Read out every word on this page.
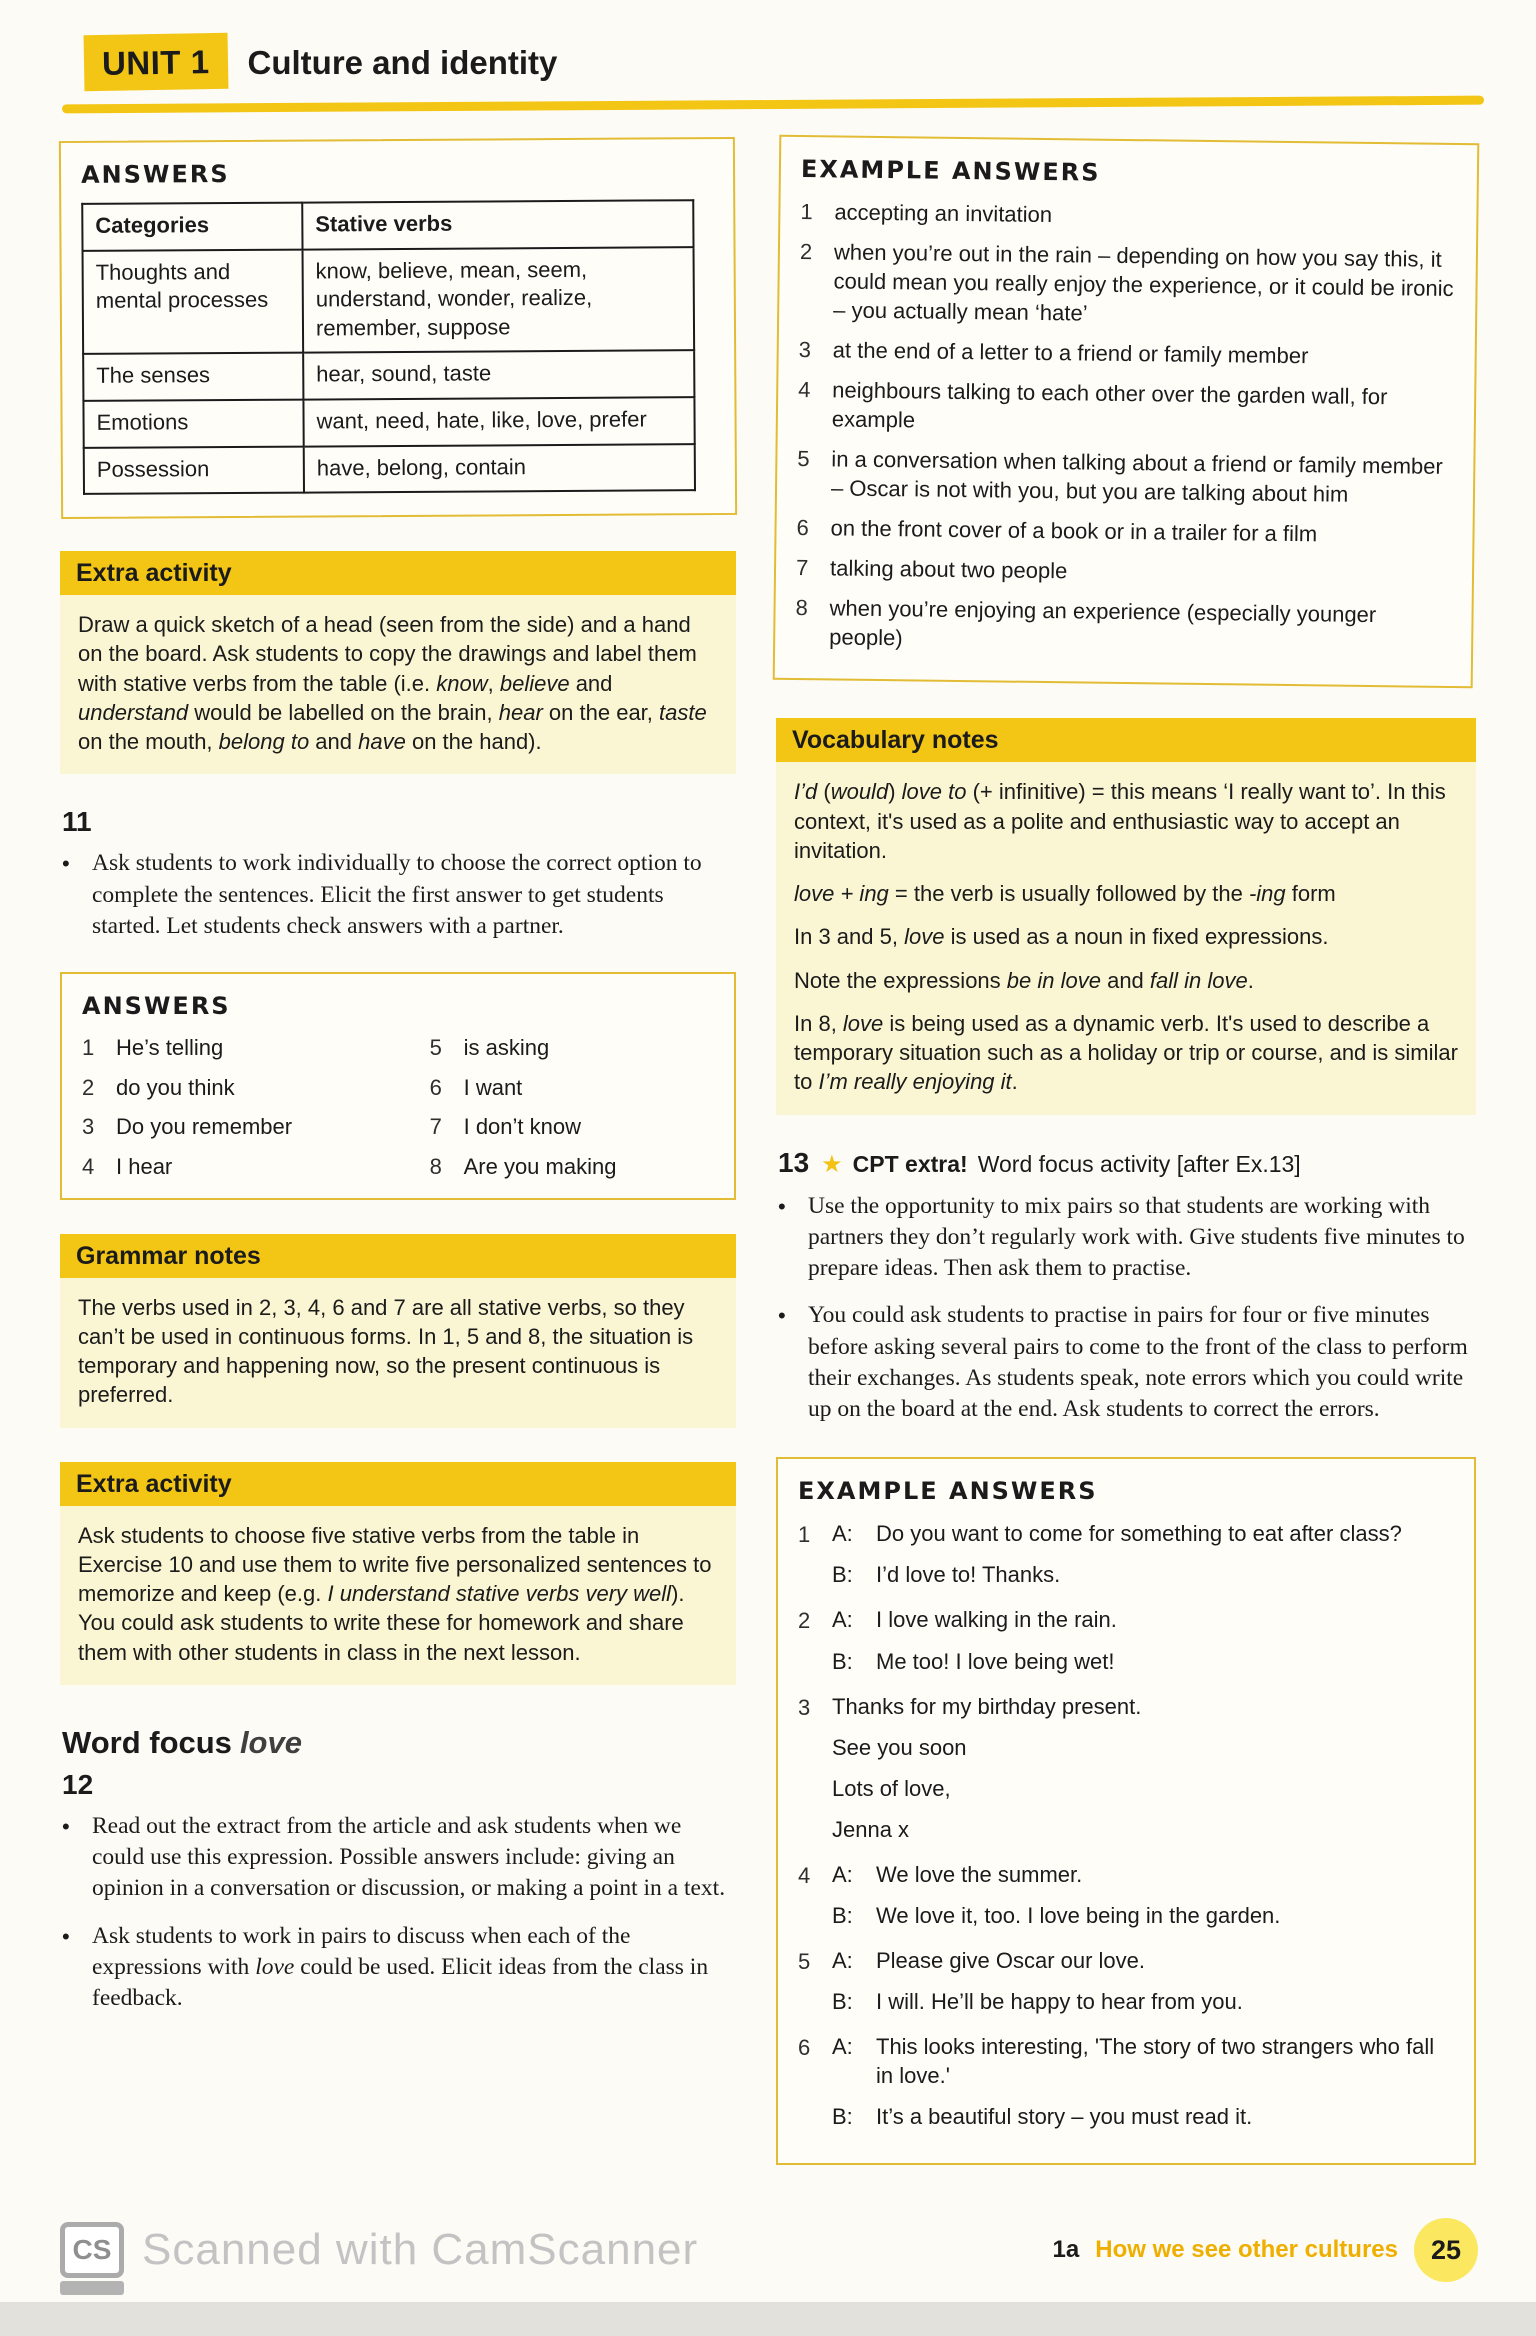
UNIT 1	Culture and identity
ANSWERS
Categories	Stative verbs
Thoughts and mental processes	know, believe, mean, seem, understand, wonder, realize, remember, suppose
The senses	hear, sound, taste
Emotions	want, need, hate, like, love, prefer
Possession	have, belong, contain
Extra activity
Draw a quick sketch of a head (seen from the side) and a hand on the board. Ask students to copy the drawings and label them with stative verbs from the table (i.e. know, believe and understand would be labelled on the brain, hear on the ear, taste on the mouth, belong to and have on the hand).
11
• Ask students to work individually to choose the correct option to complete the sentences. Elicit the first answer to get students started. Let students check answers with a partner.
ANSWERS
1 He’s telling
2 do you think
3 Do you remember
4 I hear
5 is asking
6 I want
7 I don’t know
8 Are you making
Grammar notes
The verbs used in 2, 3, 4, 6 and 7 are all stative verbs, so they can’t be used in continuous forms. In 1, 5 and 8, the situation is temporary and happening now, so the present continuous is preferred.
Extra activity
Ask students to choose five stative verbs from the table in Exercise 10 and use them to write five personalized sentences to memorize and keep (e.g. I understand stative verbs very well). You could ask students to write these for homework and share them with other students in class in the next lesson.
Word focus love
12
• Read out the extract from the article and ask students when we could use this expression. Possible answers include: giving an opinion in a conversation or discussion, or making a point in a text.
• Ask students to work in pairs to discuss when each of the expressions with love could be used. Elicit ideas from the class in feedback.
EXAMPLE ANSWERS
1 accepting an invitation
2 when you’re out in the rain – depending on how you say this, it could mean you really enjoy the experience, or it could be ironic – you actually mean ‘hate’
3 at the end of a letter to a friend or family member
4 neighbours talking to each other over the garden wall, for example
5 in a conversation when talking about a friend or family member – Oscar is not with you, but you are talking about him
6 on the front cover of a book or in a trailer for a film
7 talking about two people
8 when you’re enjoying an experience (especially younger people)
Vocabulary notes

I’d (would) love to (+ infinitive) = this means ‘I really want to’. In this context, it's used as a polite and enthusiastic way to accept an invitation.

love + ing = the verb is usually followed by the -ing form

In 3 and 5, love is used as a noun in fixed expressions.

Note the expressions be in love and fall in love.

In 8, love is being used as a dynamic verb. It's used to describe a temporary situation such as a holiday or trip or course, and is similar to I’m really enjoying it.

13 ★ CPT extra! Word focus activity [after Ex.13]
• Use the opportunity to mix pairs so that students are working with partners they don’t regularly work with. Give students five minutes to prepare ideas. Then ask them to practise.
• You could ask students to practise in pairs for four or five minutes before asking several pairs to come to the front of the class to perform their exchanges. As students speak, note errors which you could write up on the board at the end. Ask students to correct the errors.
EXAMPLE ANSWERS
1 A:	Do you want to come for something to eat after class?
B:	I’d love to! Thanks.
2 A:	I love walking in the rain.
B:	Me too! I love being wet!
3 Thanks for my birthday present.
See you soon
Lots of love,
Jenna x
4 A:	We love the summer.
B:	We love it, too. I love being in the garden.
5 A:	Please give Oscar our love.
B:	I will. He’ll be happy to hear from you.
6 A:	This looks interesting, 'The story of two strangers who fall in love.'
B:	It’s a beautiful story – you must read it.
CS Scanned with CamScanner	1a How we see other cultures	25
